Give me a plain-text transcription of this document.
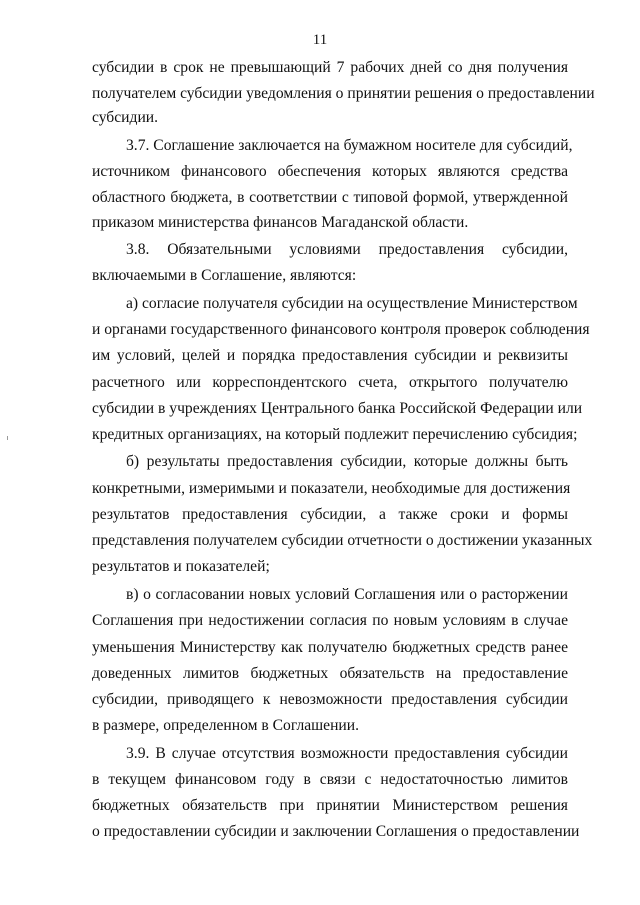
11
субсидии в срок не превышающий 7 рабочих дней со дня получения
получателем субсидии уведомления о принятии решения о предоставлении
субсидии.
3.7. Соглашение заключается на бумажном носителе для субсидий,
источником финансового обеспечения которых являются средства
областного бюджета, в соответствии с типовой формой, утвержденной
приказом министерства финансов Магаданской области.
3.8. Обязательными условиями предоставления субсидии,
включаемыми в Соглашение, являются:
а) согласие получателя субсидии на осуществление Министерством
и органами государственного финансового контроля проверок соблюдения
им условий, целей и порядка предоставления субсидии и реквизиты
расчетного или корреспондентского счета, открытого получателю
субсидии в учреждениях Центрального банка Российской Федерации или
кредитных организациях, на который подлежит перечислению субсидия;
б) результаты предоставления субсидии, которые должны быть
конкретными, измеримыми и показатели, необходимые для достижения
результатов предоставления субсидии, а также сроки и формы
представления получателем субсидии отчетности о достижении указанных
результатов и показателей;
в) о согласовании новых условий Соглашения или о расторжении
Соглашения при недостижении согласия по новым условиям в случае
уменьшения Министерству как получателю бюджетных средств ранее
доведенных лимитов бюджетных обязательств на предоставление
субсидии, приводящего к невозможности предоставления субсидии
в размере, определенном в Соглашении.
3.9. В случае отсутствия возможности предоставления субсидии
в текущем финансовом году в связи с недостаточностью лимитов
бюджетных обязательств при принятии Министерством решения
о предоставлении субсидии и заключении Соглашения о предоставлении
